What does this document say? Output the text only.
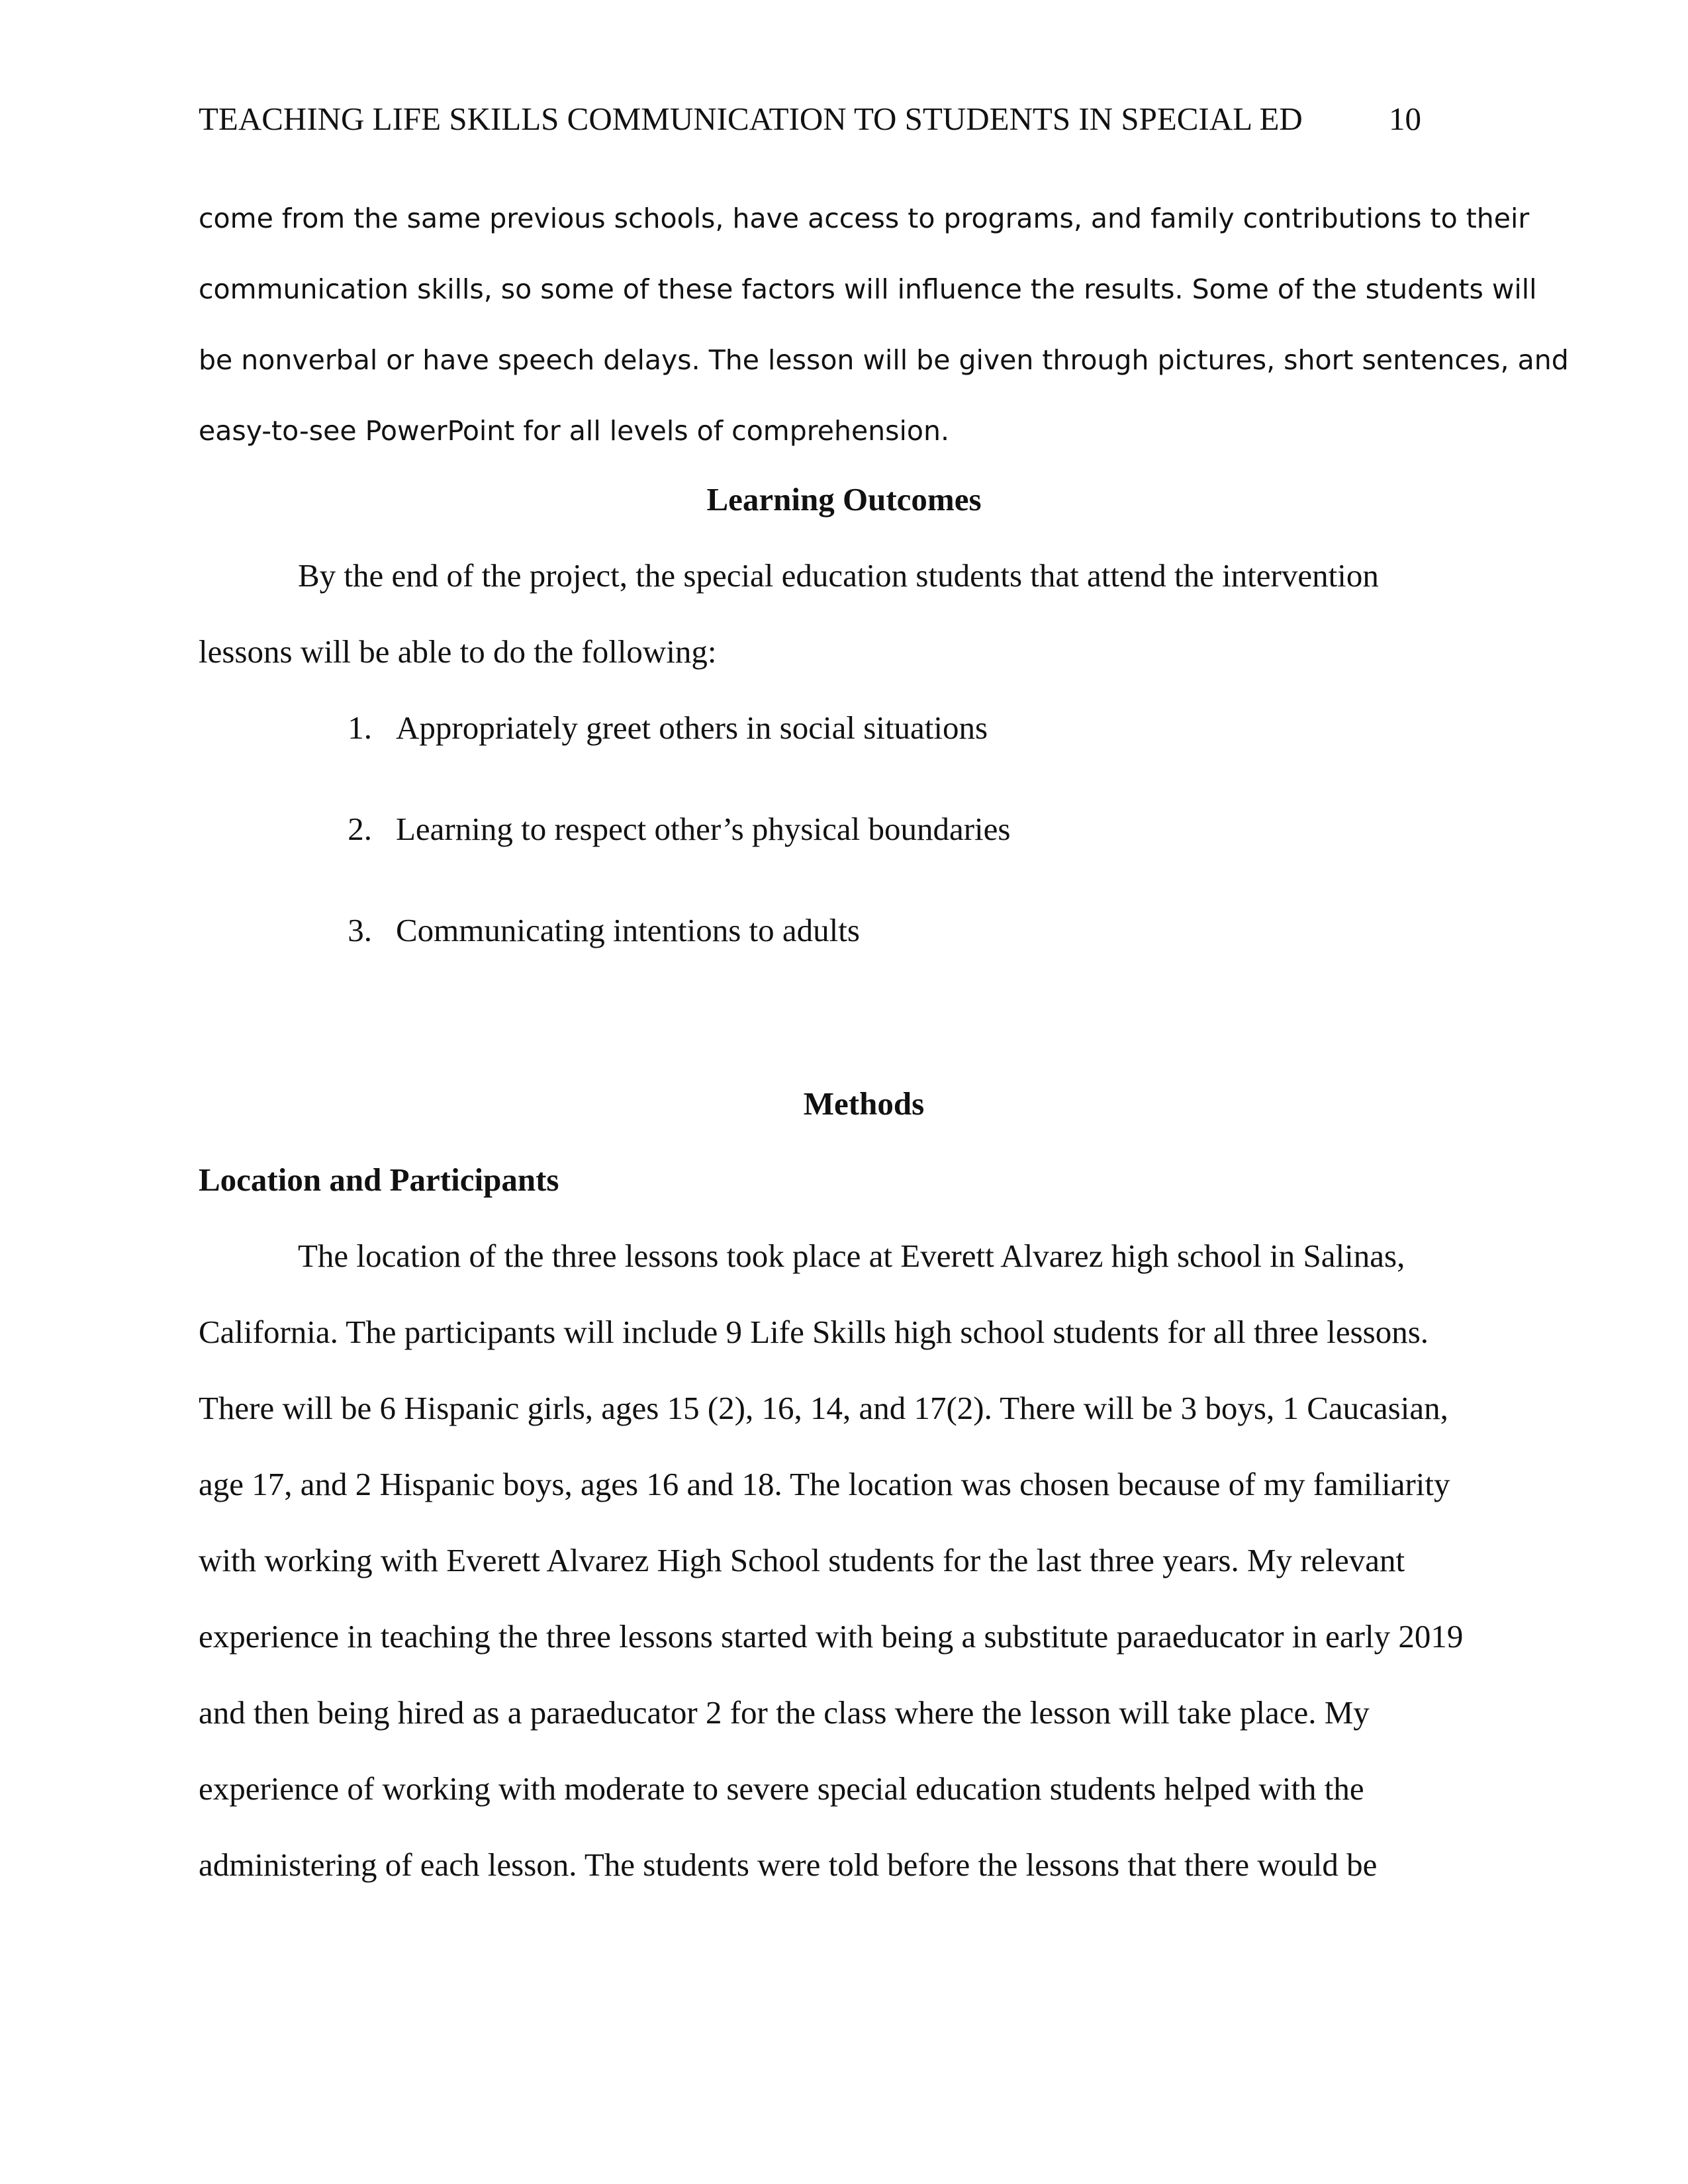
TEACHING LIFE SKILLS COMMUNICATION TO STUDENTS IN SPECIAL ED	10
come from the same previous schools, have access to programs, and family contributions to their
communication skills, so some of these factors will influence the results. Some of the students will
be nonverbal or have speech delays. The lesson will be given through pictures, short sentences, and
easy-to-see PowerPoint for all levels of comprehension.
Learning Outcomes
By the end of the project, the special education students that attend the intervention
lessons will be able to do the following:
1. Appropriately greet others in social situations
2. Learning to respect other’s physical boundaries
3. Communicating intentions to adults
Methods
Location and Participants
The location of the three lessons took place at Everett Alvarez high school in Salinas,
California. The participants will include 9 Life Skills high school students for all three lessons.
There will be 6 Hispanic girls, ages 15 (2), 16, 14, and 17(2). There will be 3 boys, 1 Caucasian,
age 17, and 2 Hispanic boys, ages 16 and 18. The location was chosen because of my familiarity
with working with Everett Alvarez High School students for the last three years. My relevant
experience in teaching the three lessons started with being a substitute paraeducator in early 2019
and then being hired as a paraeducator 2 for the class where the lesson will take place. My
experience of working with moderate to severe special education students helped with the
administering of each lesson. The students were told before the lessons that there would be
